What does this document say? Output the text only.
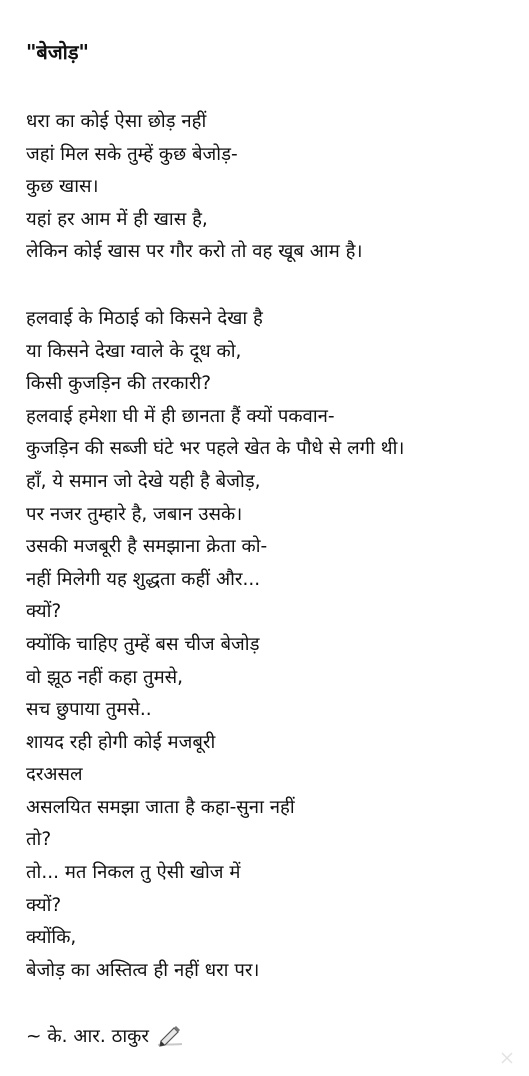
"बेजोड़"
धरा का कोई ऐसा छोड़ नहीं
जहां मिल सके तुम्हें कुछ बेजोड़-
कुछ खास।
यहां हर आम में ही खास है,
लेकिन कोई खास पर गौर करो तो वह खूब आम है।
हलवाई के मिठाई को किसने देखा है
या किसने देखा ग्वाले के दूध को,
किसी कुजड़िन की तरकारी?
हलवाई हमेशा घी में ही छानता हैं क्यों पकवान-
कुजड़िन की सब्जी घंटे भर पहले खेत के पौधे से लगी थी।
हाँ, ये समान जो देखे यही है बेजोड़,
पर नजर तुम्हारे है, जबान उसके।
उसकी मजबूरी है समझाना क्रेता को-
नहीं मिलेगी यह शुद्धता कहीं और...
क्यों?
क्योंकि चाहिए तुम्हें बस चीज बेजोड़
वो झूठ नहीं कहा तुमसे,
सच छुपाया तुमसे..
शायद रही होगी कोई मजबूरी
दरअसल
असलयित समझा जाता है कहा-सुना नहीं
तो?
तो... मत निकल तु ऐसी खोज में
क्यों?
क्योंकि,
बेजोड़ का अस्तित्व ही नहीं धरा पर।
~ के. आर. ठाकुर
